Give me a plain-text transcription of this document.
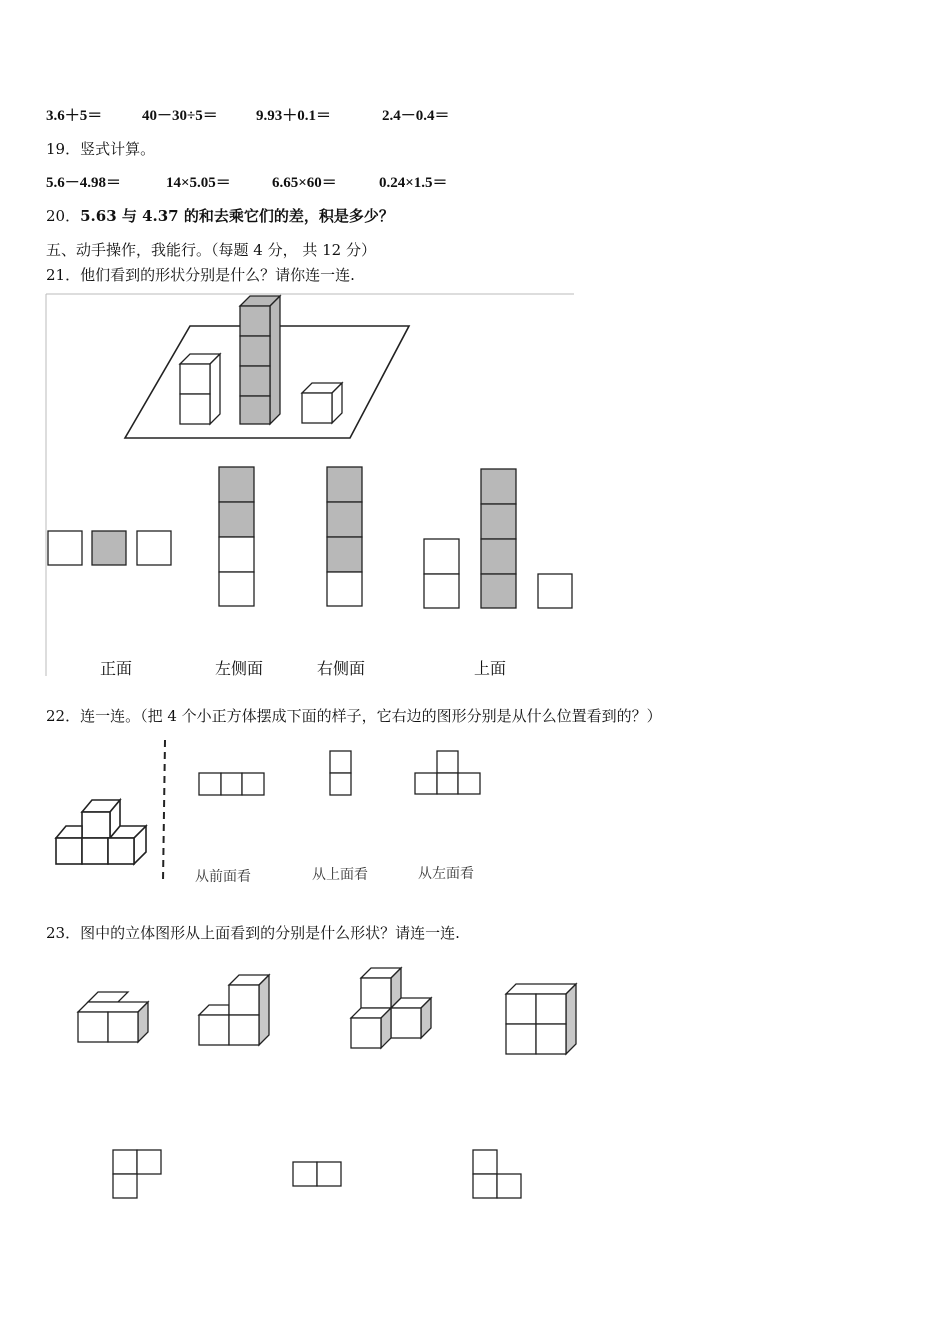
3.6＋5＝	40－30÷5＝	9.93＋0.1＝	2.4－0.4＝
19．竖式计算。
5.6－4.98＝	14×5.05＝	6.65×60＝	0.24×1.5＝
20．5.63 与 4.37 的和去乘它们的差，积是多少？
五、动手操作，我能行。（每题 4 分， 共 12 分）
21．他们看到的形状分别是什么？请你连一连.
正面	左侧面	右侧面	上面
22．连一连。（把 4 个小正方体摆成下面的样子，它右边的图形分别是从什么位置看到的？）
从前面看	从上面看	从左面看
23．图中的立体图形从上面看到的分别是什么形状？请连一连.
